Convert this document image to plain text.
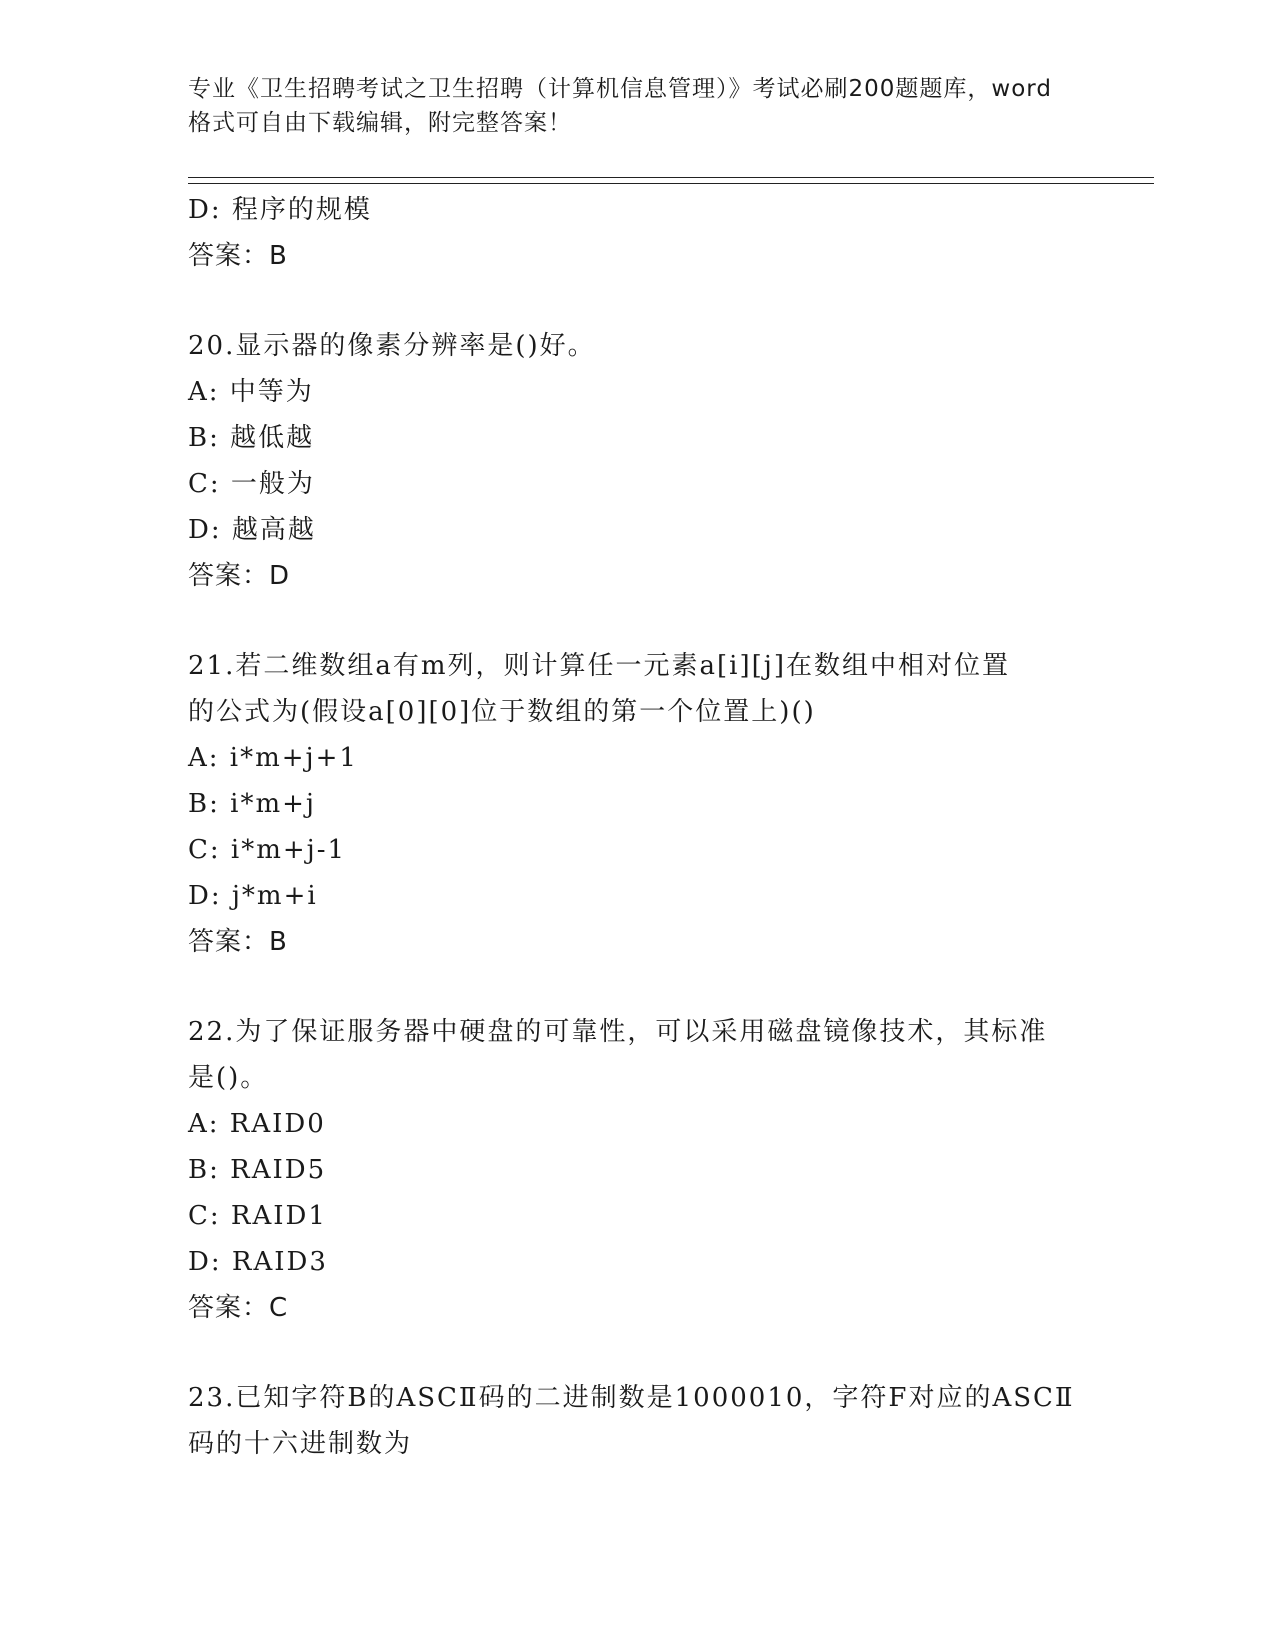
专业《卫生招聘考试之卫生招聘（计算机信息管理）》考试必刷200题题库，word
格式可自由下载编辑，附完整答案！
D: 程序的规模
答案：B
20.显示器的像素分辨率是()好。
A: 中等为
B: 越低越
C: 一般为
D: 越高越
答案：D
21.若二维数组a有m列，则计算任一元素a[i][j]在数组中相对位置
的公式为(假设a[0][0]位于数组的第一个位置上)()
A: i*m+j+1
B: i*m+j
C: i*m+j-1
D: j*m+i
答案：B
22.为了保证服务器中硬盘的可靠性，可以采用磁盘镜像技术，其标准
是()。
A: RAID0
B: RAID5
C: RAID1
D: RAID3
答案：C
23.已知字符B的ASCⅡ码的二进制数是1000010，字符F对应的ASCⅡ
码的十六进制数为
